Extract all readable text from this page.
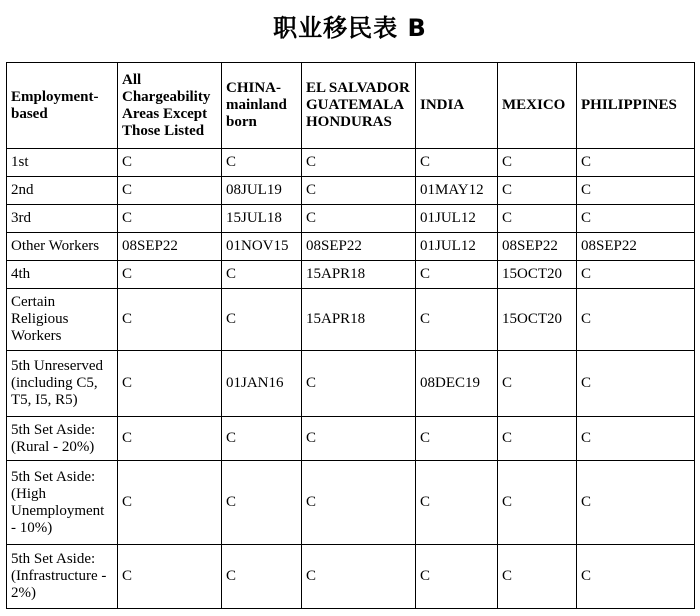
职业移民表 B
Employment-based	All Chargeability Areas Except Those Listed	CHINA-mainland born	EL SALVADOR GUATEMALA HONDURAS	INDIA	MEXICO	PHILIPPINES
1st	C	C	C	C	C	C
2nd	C	08JUL19	C	01MAY12	C	C
3rd	C	15JUL18	C	01JUL12	C	C
Other Workers	08SEP22	01NOV15	08SEP22	01JUL12	08SEP22	08SEP22
4th	C	C	15APR18	C	15OCT20	C
Certain Religious Workers	C	C	15APR18	C	15OCT20	C
5th Unreserved (including C5, T5, I5, R5)	C	01JAN16	C	08DEC19	C	C
5th Set Aside: (Rural - 20%)	C	C	C	C	C	C
5th Set Aside: (High Unemployment - 10%)	C	C	C	C	C	C
5th Set Aside: (Infrastructure - 2%)	C	C	C	C	C	C
